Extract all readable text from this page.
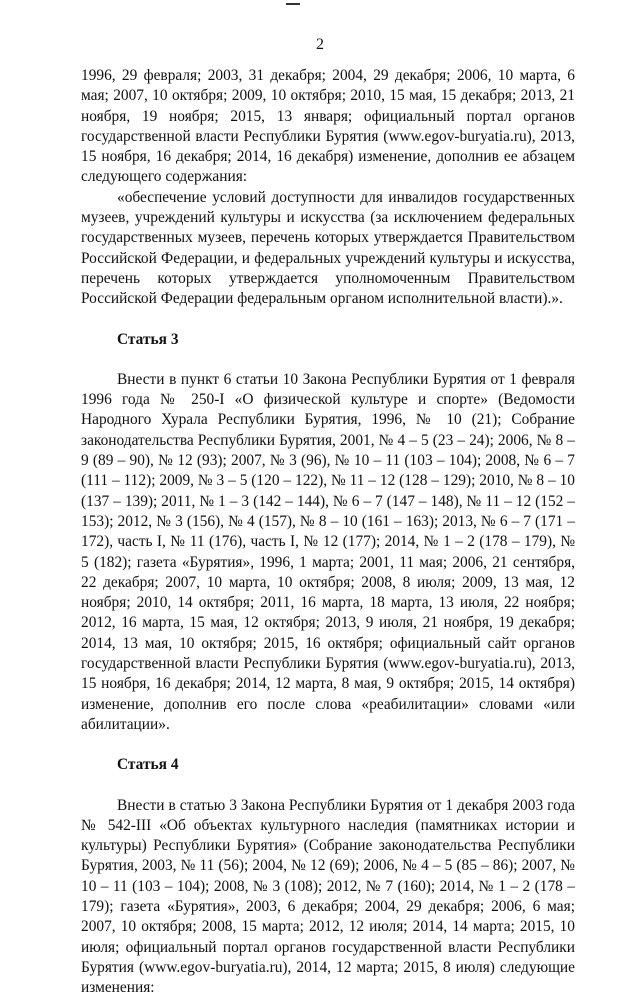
2

1996, 29 февраля; 2003, 31 декабря; 2004, 29 декабря; 2006, 10 марта, 6 мая; 2007, 10 октября; 2009, 10 октября; 2010, 15 мая, 15 декабря; 2013, 21 ноября, 19 ноября; 2015, 13 января; официальный портал органов государственной власти Республики Бурятия (www.egov-buryatia.ru), 2013, 15 ноября, 16 декабря; 2014, 16 декабря) изменение, дополнив ее абзацем следующего содержания:

«обеспечение условий доступности для инвалидов государственных музеев, учреждений культуры и искусства (за исключением федеральных государственных музеев, перечень которых утверждается Правительством Российской Федерации, и федеральных учреждений культуры и искусства, перечень которых утверждается уполномоченным Правительством Российской Федерации федеральным органом исполнительной власти).».

Статья 3

Внести в пункт 6 статьи 10 Закона Республики Бурятия от 1 февраля 1996 года № 250-I «О физической культуре и спорте» (Ведомости Народного Хурала Республики Бурятия, 1996, № 10 (21); Собрание законодательства Республики Бурятия, 2001, № 4 – 5 (23 – 24); 2006, № 8 – 9 (89 – 90), № 12 (93); 2007, № 3 (96), № 10 – 11 (103 – 104); 2008, № 6 – 7 (111 – 112); 2009, № 3 – 5 (120 – 122), № 11 – 12 (128 – 129); 2010, № 8 – 10 (137 – 139); 2011, № 1 – 3 (142 – 144), № 6 – 7 (147 – 148), № 11 – 12 (152 – 153); 2012, № 3 (156), № 4 (157), № 8 – 10 (161 – 163); 2013, № 6 – 7 (171 – 172), часть I, № 11 (176), часть I, № 12 (177); 2014, № 1 – 2 (178 – 179), № 5 (182); газета «Бурятия», 1996, 1 марта; 2001, 11 мая; 2006, 21 сентября, 22 декабря; 2007, 10 марта, 10 октября; 2008, 8 июля; 2009, 13 мая, 12 ноября; 2010, 14 октября; 2011, 16 марта, 18 марта, 13 июля, 22 ноября; 2012, 16 марта, 15 мая, 12 октября; 2013, 9 июля, 21 ноября, 19 декабря; 2014, 13 мая, 10 октября; 2015, 16 октября; официальный сайт органов государственной власти Республики Бурятия (www.egov-buryatia.ru), 2013, 15 ноября, 16 декабря; 2014, 12 марта, 8 мая, 9 октября; 2015, 14 октября) изменение, дополнив его после слова «реабилитации» словами «или абилитации».

Статья 4

Внести в статью 3 Закона Республики Бурятия от 1 декабря 2003 года № 542-III «Об объектах культурного наследия (памятниках истории и культуры) Республики Бурятия» (Собрание законодательства Республики Бурятия, 2003, № 11 (56); 2004, № 12 (69); 2006, № 4 – 5 (85 – 86); 2007, № 10 – 11 (103 – 104); 2008, № 3 (108); 2012, № 7 (160); 2014, № 1 – 2 (178 – 179); газета «Бурятия», 2003, 6 декабря; 2004, 29 декабря; 2006, 6 мая; 2007, 10 октября; 2008, 15 марта; 2012, 12 июля; 2014, 14 марта; 2015, 10 июля; официальный портал органов государственной власти Республики Бурятия (www.egov-buryatia.ru), 2014, 12 марта; 2015, 8 июля) следующие изменения:
